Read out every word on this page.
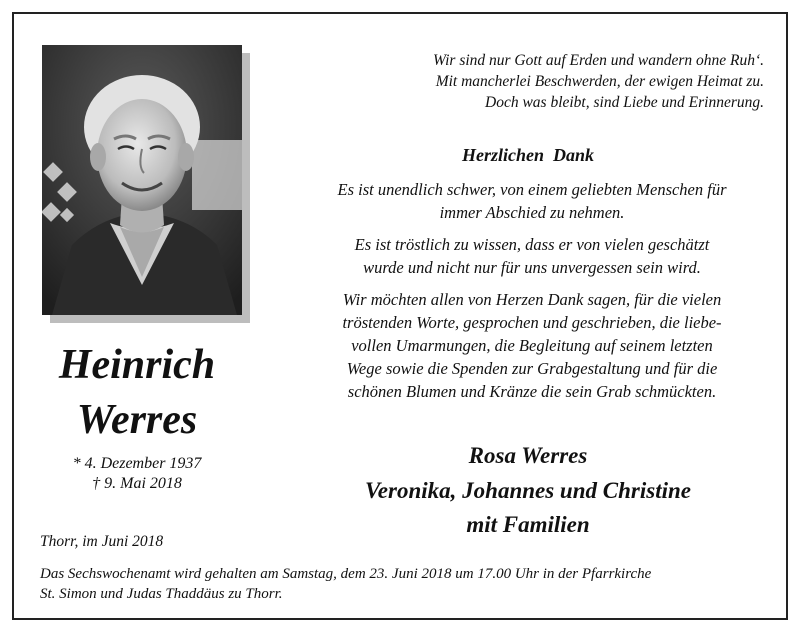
Wir sind nur Gott auf Erden und wandern ohne Ruh‘.
Mit mancherlei Beschwerden, der ewigen Heimat zu.
Doch was bleibt, sind Liebe und Erinnerung.
Herzlichen  Dank
Es ist unendlich schwer, von einem geliebten Menschen für
immer Abschied zu nehmen.
Es ist tröstlich zu wissen, dass er von vielen geschätzt
wurde und nicht nur für uns unvergessen sein wird.
Wir möchten allen von Herzen Dank sagen, für die vielen
tröstenden Worte, gesprochen und geschrieben, die liebe-
vollen Umarmungen, die Begleitung auf seinem letzten
Wege sowie die Spenden zur Grabgestaltung und für die
schönen Blumen und Kränze die sein Grab schmückten.
Heinrich
Werres
* 4. Dezember 1937
† 9. Mai 2018
Rosa Werres
Veronika, Johannes und Christine
mit Familien
Thorr, im Juni 2018
Das Sechswochenamt wird gehalten am Samstag, dem 23. Juni 2018 um 17.00 Uhr in der Pfarrkirche
St. Simon und Judas Thaddäus zu Thorr.
